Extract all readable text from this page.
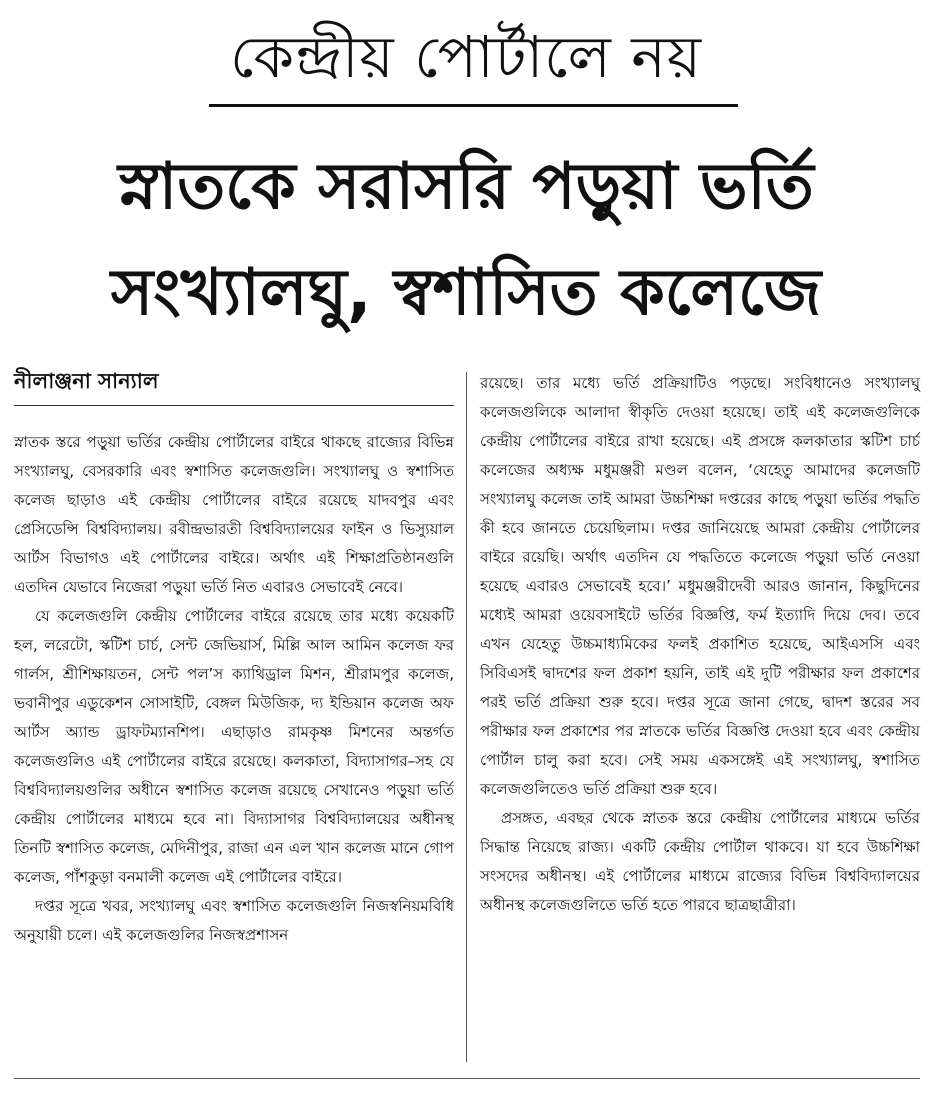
কেন্দ্রীয় পোর্টালে নয়
স্নাতকে সরাসরি পড়ুয়া ভর্তি
সংখ্যালঘু, স্বশাসিত কলেজে
নীলাঞ্জনা সান্যাল

স্নাতক স্তরে পড়ুয়া ভর্তির কেন্দ্রীয় পোর্টালের বাইরে থাকছে রাজ্যের বিভিন্ন সংখ্যালঘু, বেসরকারি এবং স্বশাসিত কলেজগুলি। সংখ্যালঘু ও স্বশাসিত কলেজ ছাড়াও এই কেন্দ্রীয় পোর্টালের বাইরে রয়েছে যাদবপুর এবং প্রেসিডেন্সি বিশ্ববিদ্যালয়। রবীন্দ্রভারতী বিশ্ববিদ্যালয়ের ফাইন ও ভিস্যুয়াল আর্টস বিভাগও এই পোর্টালের বাইরে। অর্থাৎ এই শিক্ষাপ্রতিষ্ঠানগুলি এতদিন যেভাবে নিজেরা পড়ুয়া ভর্তি নিত এবারও সেভাবেই নেবে।

যে কলেজগুলি কেন্দ্রীয় পোর্টালের বাইরে রয়েছে তার মধ্যে কয়েকটি হল, লরেটো, স্কটিশ চার্চ, সেন্ট জেভিয়ার্স, মিল্লি আল আমিন কলেজ ফর গার্লস, শ্রীশিক্ষায়তন, সেন্ট পল’স ক্যাথিড্রাল মিশন, শ্রীরামপুর কলেজ, ভবানীপুর এডুকেশন সোসাইটি, বেঙ্গল মিউজিক, দ্য ইন্ডিয়ান কলেজ অফ আর্টস অ্যান্ড ড্রাফটম্যানশিপ। এছাড়াও রামকৃষ্ণ মিশনের অন্তর্গত কলেজগুলিও এই পোর্টালের বাইরে রয়েছে। কলকাতা, বিদ্যাসাগর–সহ যে বিশ্ববিদ্যালয়গুলির অধীনে স্বশাসিত কলেজ রয়েছে সেখানেও পড়ুয়া ভর্তি কেন্দ্রীয় পোর্টালের মাধ্যমে হবে না। বিদ্যাসাগর বিশ্ববিদ্যালয়ের অধীনস্থ তিনটি স্বশাসিত কলেজ, মেদিনীপুর, রাজা এন এল খান কলেজ মানে গোপ কলেজ, পাঁশকুড়া বনমালী কলেজ এই পোর্টালের বাইরে।

দপ্তর সূত্রে খবর, সংখ্যালঘু এবং স্বশাসিত কলেজগুলি নিজস্বনিয়মবিধি অনুযায়ী চলে। এই কলেজগুলির নিজস্বপ্রশাসন

রয়েছে। তার মধ্যে ভর্তি প্রক্রিয়াটিও পড়ছে। সংবিধানেও সংখ্যালঘু কলেজগুলিকে আলাদা স্বীকৃতি দেওয়া হয়েছে। তাই এই কলেজগুলিকে কেন্দ্রীয় পোর্টালের বাইরে রাখা হয়েছে। এই প্রসঙ্গে কলকাতার স্কটিশ চার্চ কলেজের অধ্যক্ষ মধুমঞ্জরী মণ্ডল বলেন, ‘যেহেতু আমাদের কলেজটি সংখ্যালঘু কলেজ তাই আমরা উচ্চশিক্ষা দপ্তরের কাছে পড়ুয়া ভর্তির পদ্ধতি কী হবে জানতে চেয়েছিলাম। দপ্তর জানিয়েছে আমরা কেন্দ্রীয় পোর্টালের বাইরে রয়েছি। অর্থাৎ এতদিন যে পদ্ধতিতে কলেজে পড়ুয়া ভর্তি নেওয়া হয়েছে এবারও সেভাবেই হবে।’ মধুমঞ্জরীদেবী আরও জানান, কিছুদিনের মধ্যেই আমরা ওয়েবসাইটে ভর্তির বিজ্ঞপ্তি, ফর্ম ইত্যাদি দিয়ে দেব। তবে এখন যেহেতু উচ্চমাধ্যমিকের ফলই প্রকাশিত হয়েছে, আইএসসি এবং সিবিএসই দ্বাদশের ফল প্রকাশ হয়নি, তাই এই দুটি পরীক্ষার ফল প্রকাশের পরই ভর্তি প্রক্রিয়া শুরু হবে। দপ্তর সূত্রে জানা গেছে, দ্বাদশ স্তরের সব পরীক্ষার ফল প্রকাশের পর স্নাতকে ভর্তির বিজ্ঞপ্তি দেওয়া হবে এবং কেন্দ্রীয় পোর্টাল চালু করা হবে। সেই সময় একসঙ্গেই এই সংখ্যালঘু, স্বশাসিত কলেজগুলিতেও ভর্তি প্রক্রিয়া শুরু হবে।

প্রসঙ্গত, এবছর থেকে স্নাতক স্তরে কেন্দ্রীয় পোর্টালের মাধ্যমে ভর্তির সিদ্ধান্ত নিয়েছে রাজ্য। একটি কেন্দ্রীয় পোর্টাল থাকবে। যা হবে উচ্চশিক্ষা সংসদের অধীনস্থ। এই পোর্টালের মাধ্যমে রাজ্যের বিভিন্ন বিশ্ববিদ্যালয়ের অধীনস্থ কলেজগুলিতে ভর্তি হতে পারবে ছাত্রছাত্রীরা।
